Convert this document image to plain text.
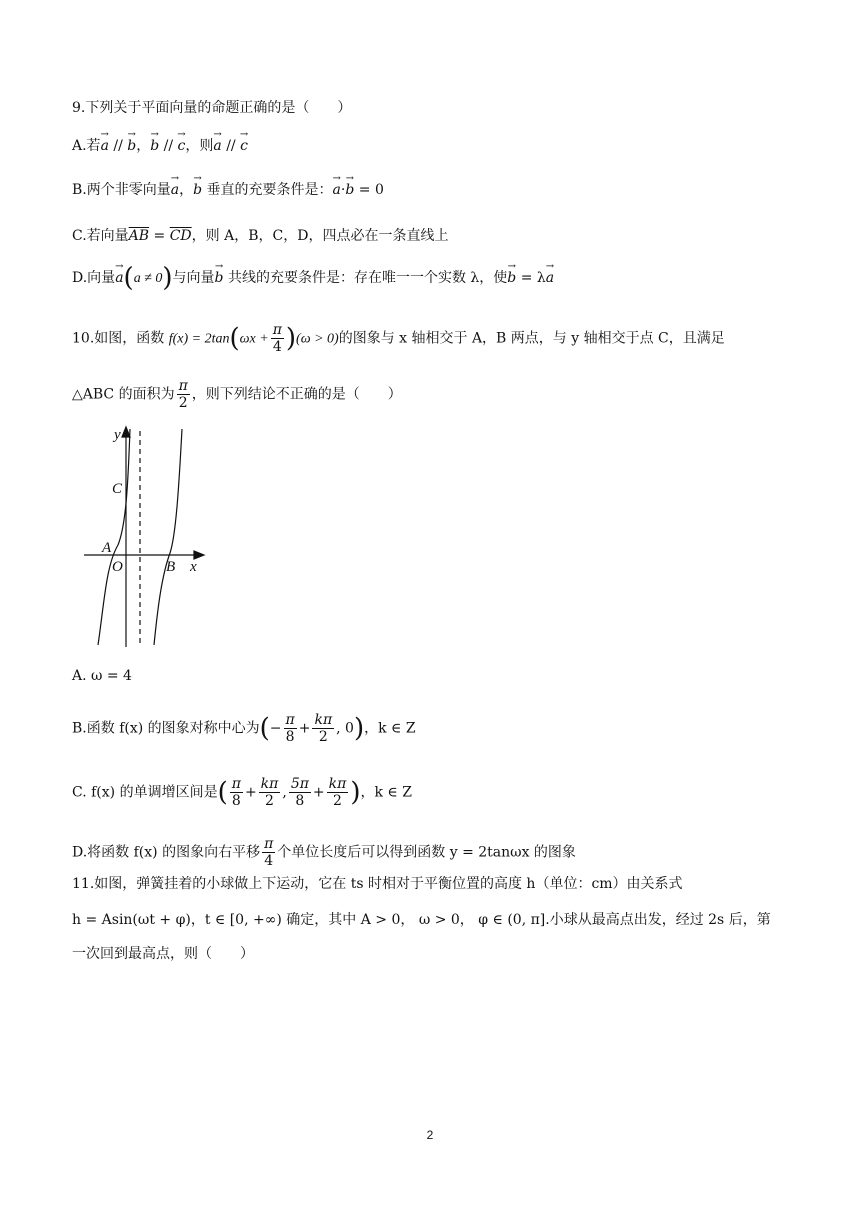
9.下列关于平面向量的命题正确的是（　　）
A.若→ a // → b，→ b // → c，则→ a // → c
B.两个非零向量→ a，→ b 垂直的充要条件是：→ a·→ b = 0
C.若向量$\overline{AB} = \overline{CD}$，则 A，B，C，D，四点必在一条直线上
D.向量→ a(a ≠ 0)与向量→ b 共线的充要条件是：存在唯一一个实数 λ，使→ b = λ→ a
10.如图，函数 $f(x) = 2\tan(\omega x + \frac{\pi}{4} )(\omega > 0)$的图象与 x 轴相交于 A，B 两点，与 y 轴相交于点 C，且满足
△ABC 的面积为 $\frac{\pi}{2}$ ，则下列结论不正确的是（　　）
y
C
A
O	B x
A. ω = 4
B.函数 f(x) 的图象对称中心为(− $\frac{\pi}{8} + \frac{k\pi}{2}$ , 0)，k ∈ Z
C. f(x) 的单调增区间是( $\frac{\pi}{8} + \frac{k\pi}{2}$ , $\frac{5\pi}{8} + \frac{k\pi}{2}$ )，k ∈ Z
D.将函数 f(x) 的图象向右平移 $\frac{\pi}{4}$ 个单位长度后可以得到函数 y = 2tanωx 的图象
11.如图，弹簧挂着的小球做上下运动，它在 ts 时相对于平衡位置的高度 h（单位：cm）由关系式
h = Asin(ωt + φ)，t ∈ [0, +∞) 确定，其中 A > 0， ω > 0， φ ∈ (0, π].小球从最高点出发，经过 2s 后，第
一次回到最高点，则（　　）
2
